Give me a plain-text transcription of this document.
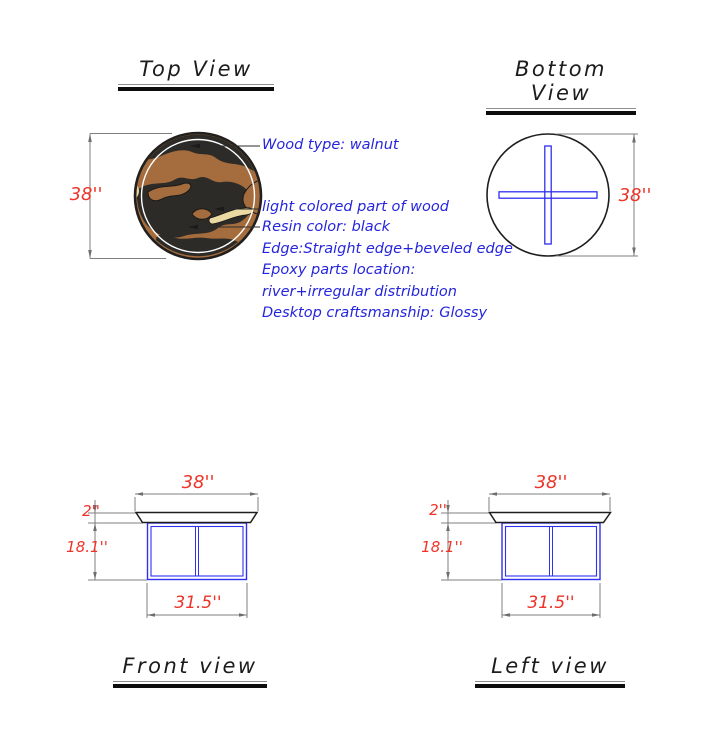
Top View	Bottom View
Front view	Left view
38''	38''
38''
2''
18.1''
31.5''
38''
2''
18.1''
31.5''
Wood type: walnut
light colored part of wood
Resin color: black
Edge:Straight edge+beveled edge
Epoxy parts location:
river+irregular distribution
Desktop craftsmanship: Glossy
